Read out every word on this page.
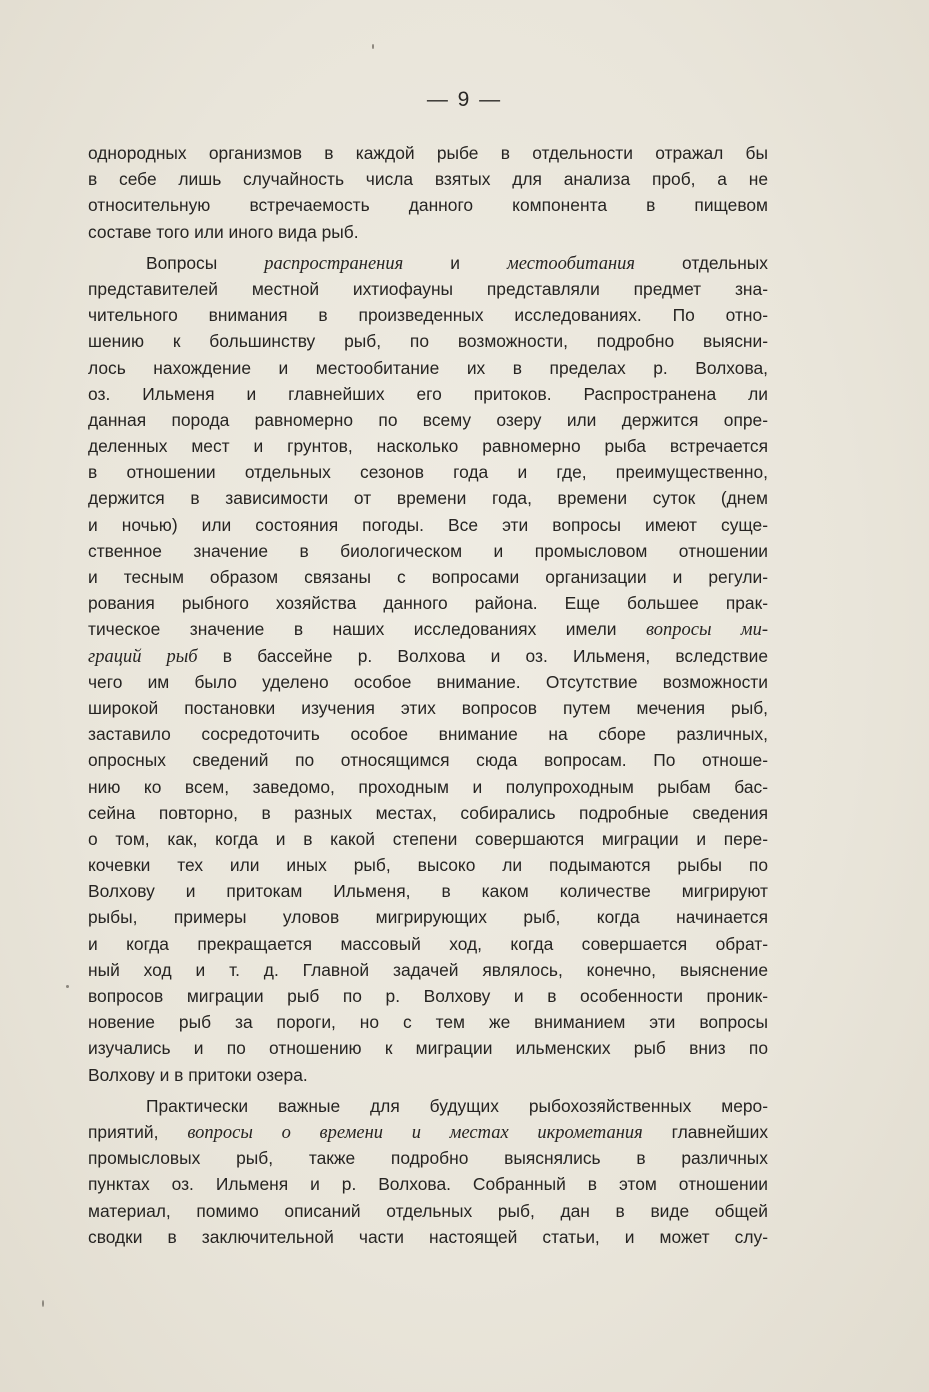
— 9 —
однородных организмов в каждой рыбе в отдельности отражал бы
в себе лишь случайность числа взятых для анализа проб, а не
относительную встречаемость данного компонента в пищевом
составе того или иного вида рыб.
Вопросы распространения и местообитания отдельных
представителей местной ихтиофауны представляли предмет зна-
чительного внимания в произведенных исследованиях. По отно-
шению к большинству рыб, по возможности, подробно выясни-
лось нахождение и местообитание их в пределах р. Волхова,
оз. Ильменя и главнейших его притоков. Распространена ли
данная порода равномерно по всему озеру или держится опре-
деленных мест и грунтов, насколько равномерно рыба встречается
в отношении отдельных сезонов года и где, преимущественно,
держится в зависимости от времени года, времени суток (днем
и ночью) или состояния погоды. Все эти вопросы имеют суще-
ственное значение в биологическом и промысловом отношении
и тесным образом связаны с вопросами организации и регули-
рования рыбного хозяйства данного района. Еще большее прак-
тическое значение в наших исследованиях имели вопросы ми-
граций рыб в бассейне р. Волхова и оз. Ильменя, вследствие
чего им было уделено особое внимание. Отсутствие возможности
широкой постановки изучения этих вопросов путем мечения рыб,
заставило сосредоточить особое внимание на сборе различных,
опросных сведений по относящимся сюда вопросам. По отноше-
нию ко всем, заведомо, проходным и полупроходным рыбам бас-
сейна повторно, в разных местах, собирались подробные сведения
о том, как, когда и в какой степени совершаются миграции и пере-
кочевки тех или иных рыб, высоко ли подымаются рыбы по
Волхову и притокам Ильменя, в каком количестве мигрируют
рыбы, примеры уловов мигрирующих рыб, когда начинается
и когда прекращается массовый ход, когда совершается обрат-
ный ход и т. д. Главной задачей являлось, конечно, выяснение
вопросов миграции рыб по р. Волхову и в особенности проник-
новение рыб за пороги, но с тем же вниманием эти вопросы
изучались и по отношению к миграции ильменских рыб вниз по
Волхову и в притоки озера.
Практически важные для будущих рыбохозяйственных меро-
приятий, вопросы о времени и местах икрометания главнейших
промысловых рыб, также подробно выяснялись в различных
пунктах оз. Ильменя и р. Волхова. Собранный в этом отношении
материал, помимо описаний отдельных рыб, дан в виде общей
сводки в заключительной части настоящей статьи, и может слу-
